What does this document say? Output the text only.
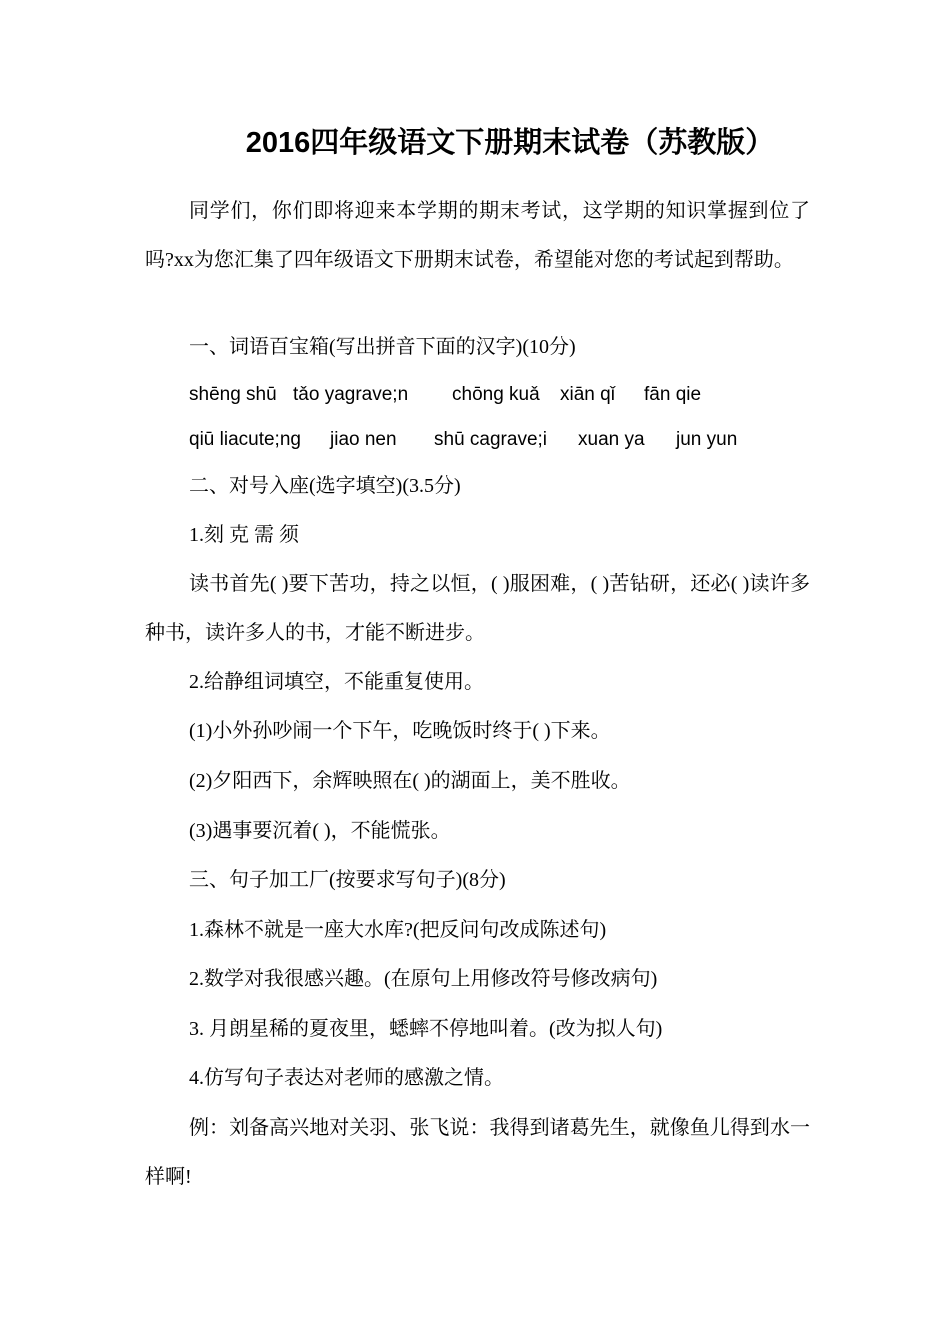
2016四年级语文下册期末试卷（苏教版）

同学们，你们即将迎来本学期的期末考试，这学期的知识掌握到位了吗?xx为您汇集了四年级语文下册期末试卷，希望能对您的考试起到帮助。

一、词语百宝箱(写出拼音下面的汉字)(10分)
shēng shū tǎo yagrave;n chōng kuǎ xiān qǐ fān qie
qiū liacute;ng jiao nen shū cagrave;i xuan ya jun yun
二、对号入座(选字填空)(3.5分)
1.刻 克 需 须

读书首先( )要下苦功，持之以恒，( )服困难，( )苦钻研，还必( )读许多种书，读许多人的书，才能不断进步。

2.给静组词填空，不能重复使用。
(1)小外孙吵闹一个下午，吃晚饭时终于( )下来。
(2)夕阳西下，余辉映照在( )的湖面上，美不胜收。
(3)遇事要沉着( )，不能慌张。
三、句子加工厂(按要求写句子)(8分)
1.森林不就是一座大水库?(把反问句改成陈述句)
2.数学对我很感兴趣。(在原句上用修改符号修改病句)
3. 月朗星稀的夏夜里，蟋蟀不停地叫着。(改为拟人句)
4.仿写句子表达对老师的感激之情。

例：刘备高兴地对关羽、张飞说：我得到诸葛先生，就像鱼儿得到水一样啊!
